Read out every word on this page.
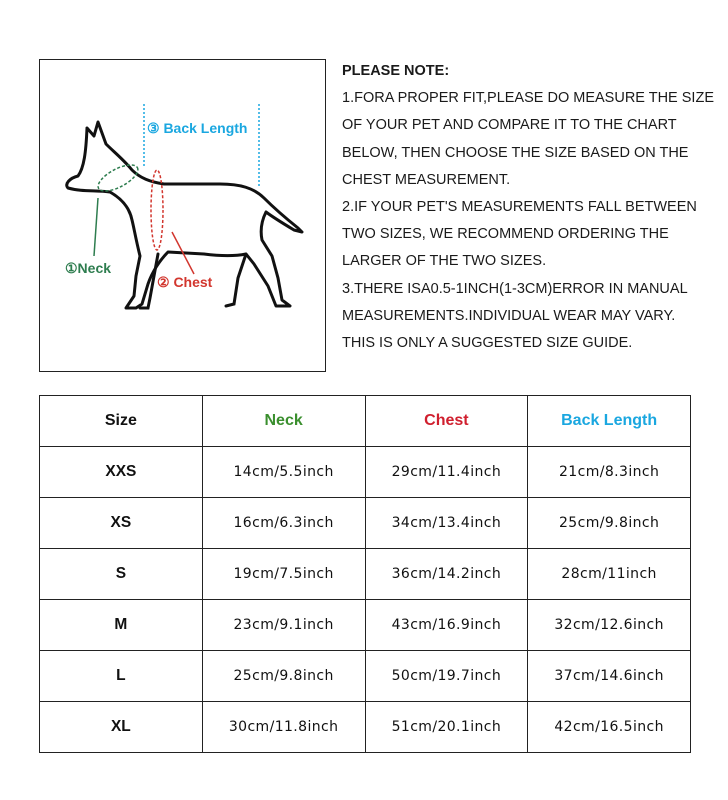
③ Back Length
①Neck
② Chest
PLEASE NOTE:
1.FORA PROPER FIT,PLEASE DO MEASURE THE SIZE
OF YOUR PET AND COMPARE IT TO THE CHART
BELOW, THEN CHOOSE THE SIZE BASED ON THE
CHEST MEASUREMENT.
2.IF YOUR PET'S MEASUREMENTS FALL BETWEEN
TWO SIZES, WE RECOMMEND ORDERING THE
LARGER OF THE TWO SIZES.
3.THERE ISA0.5-1INCH(1-3CM)ERROR IN MANUAL
MEASUREMENTS.INDIVIDUAL WEAR MAY VARY.
THIS IS ONLY A SUGGESTED SIZE GUIDE.
Size	Neck	Chest	Back Length
XXS	14cm/5.5inch	29cm/11.4inch	21cm/8.3inch
XS	16cm/6.3inch	34cm/13.4inch	25cm/9.8inch
S	19cm/7.5inch	36cm/14.2inch	28cm/11inch
M	23cm/9.1inch	43cm/16.9inch	32cm/12.6inch
L	25cm/9.8inch	50cm/19.7inch	37cm/14.6inch
XL	30cm/11.8inch	51cm/20.1inch	42cm/16.5inch
